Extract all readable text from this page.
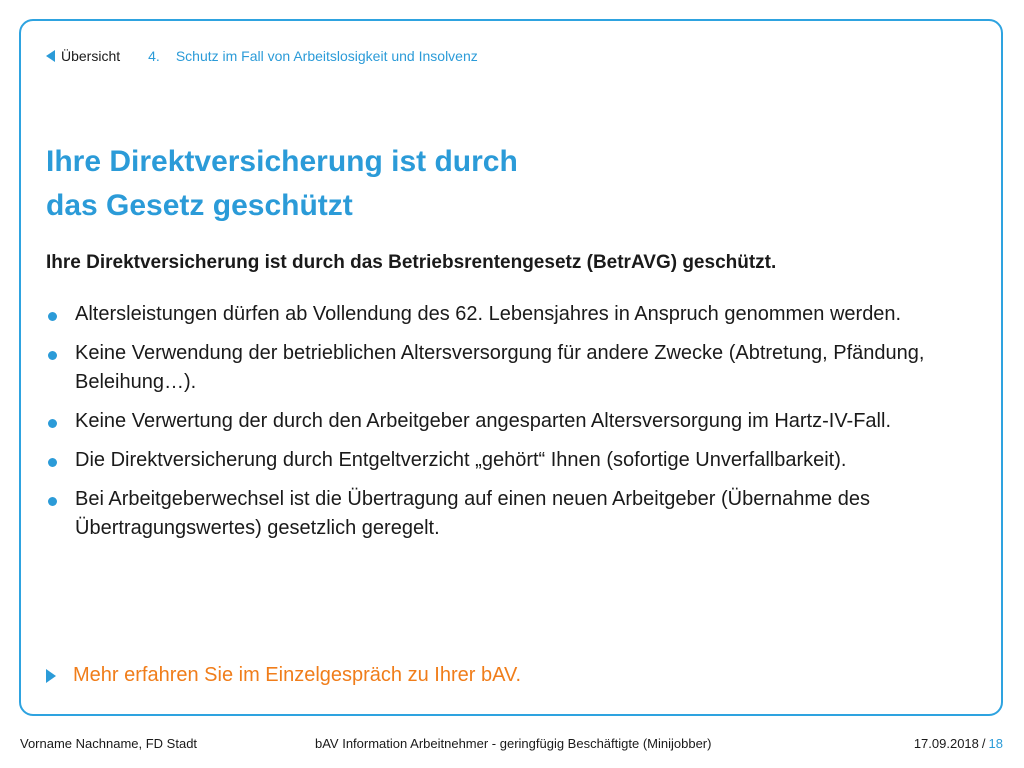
Übersicht 4. Schutz im Fall von Arbeitslosigkeit und Insolvenz
Ihre Direktversicherung ist durch
das Gesetz geschützt

Ihre Direktversicherung ist durch das Betriebsrentengesetz (BetrAVG) geschützt.

Altersleistungen dürfen ab Vollendung des 62. Lebensjahres in Anspruch genommen werden.
Keine Verwendung der betrieblichen Altersversorgung für andere Zwecke (Abtretung, Pfändung, Beleihung…).
Keine Verwertung der durch den Arbeitgeber angesparten Altersversorgung im Hartz-IV-Fall.
Die Direktversicherung durch Entgeltverzicht „gehört“ Ihnen (sofortige Unverfallbarkeit).
Bei Arbeitgeberwechsel ist die Übertragung auf einen neuen Arbeitgeber (Übernahme des Übertragungswertes) gesetzlich geregelt.
Mehr erfahren Sie im Einzelgespräch zu Ihrer bAV.
Vorname Nachname, FD Stadt	bAV Information Arbeitnehmer - geringfügig Beschäftigte (Minijobber)	17.09.2018 / 18
